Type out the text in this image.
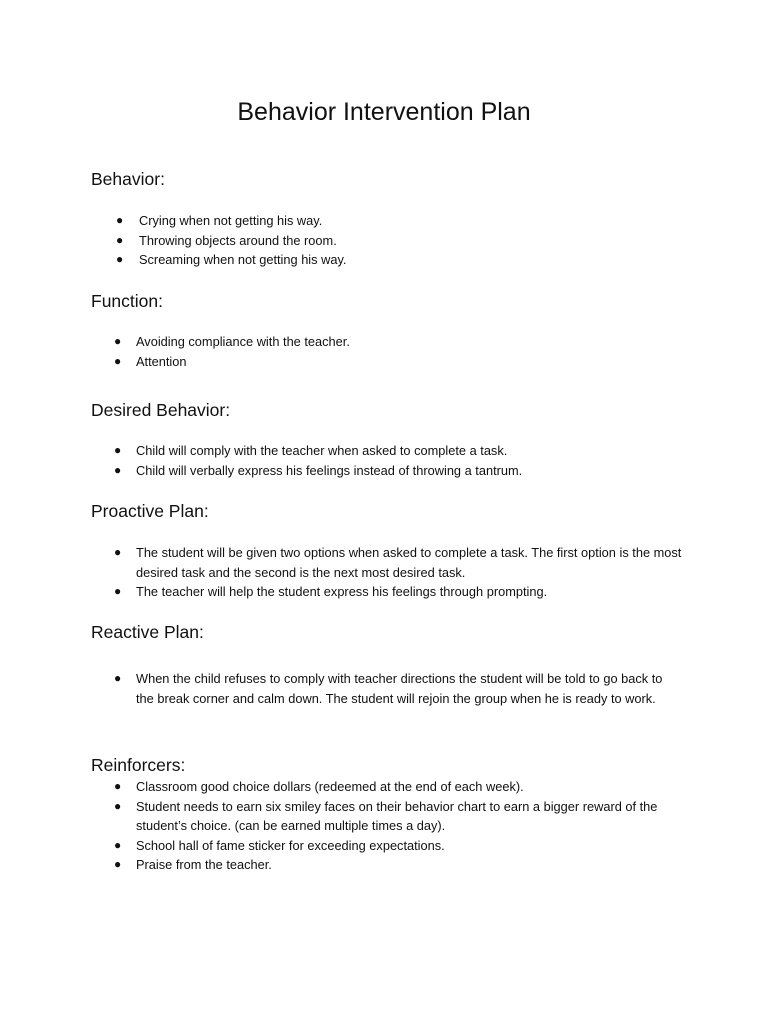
Behavior Intervention Plan
Behavior:
●	Crying when not getting his way.
●	Throwing objects around the room.
●	Screaming when not getting his way.
Function:
●	Avoiding compliance with the teacher.
●	Attention
Desired Behavior:
●	Child will comply with the teacher when asked to complete a task.
●	Child will verbally express his feelings instead of throwing a tantrum.
Proactive Plan:
●	The student will be given two options when asked to complete a task. The first option is the most desired task and the second is the next most desired task.
●	The teacher will help the student express his feelings through prompting.
Reactive Plan:
●	When the child refuses to comply with teacher directions the student will be told to go back to the break corner and calm down. The student will rejoin the group when he is ready to work.
Reinforcers:
●	Classroom good choice dollars (redeemed at the end of each week).
●	Student needs to earn six smiley faces on their behavior chart to earn a bigger reward of the student’s choice. (can be earned multiple times a day).
●	School hall of fame sticker for exceeding expectations.
●	Praise from the teacher.
